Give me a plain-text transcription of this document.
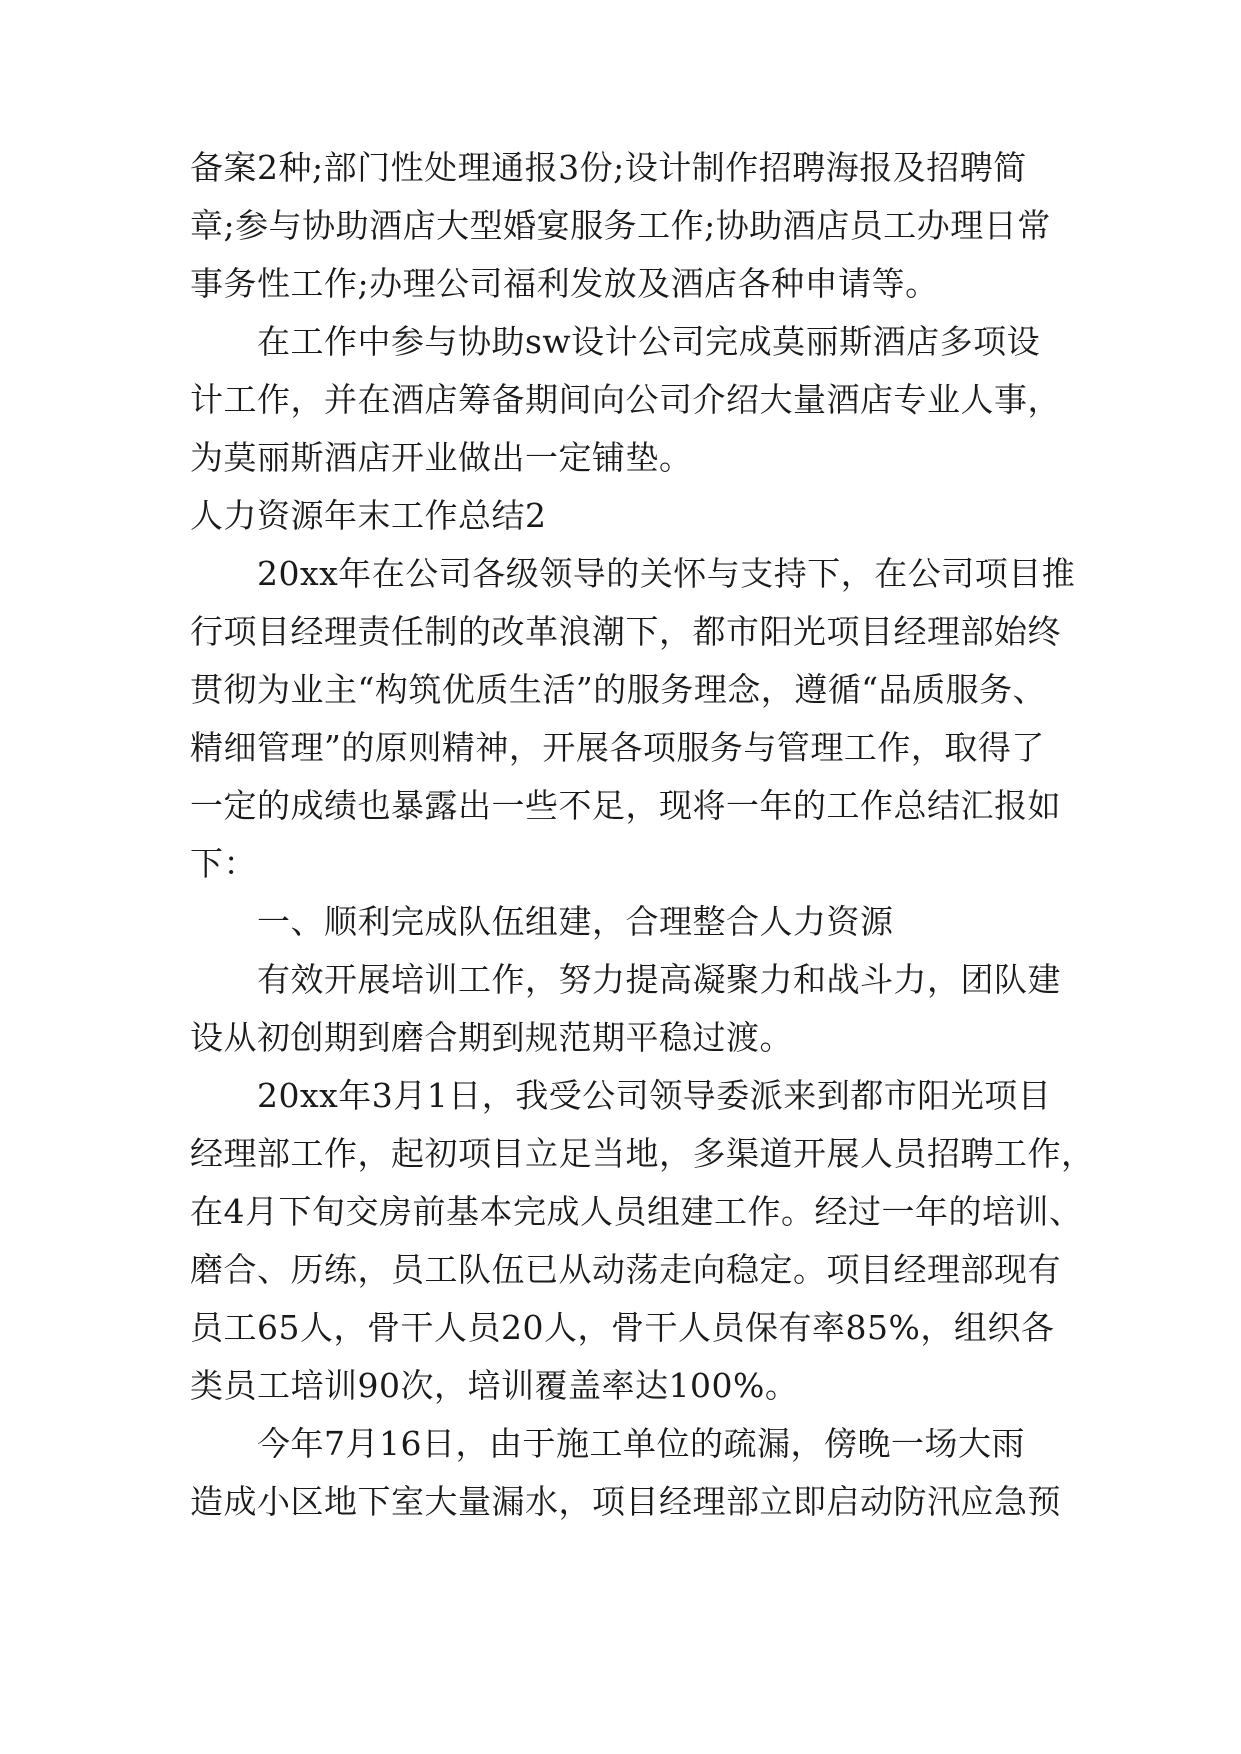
备案2种;部门性处理通报3份;设计制作招聘海报及招聘简
章;参与协助酒店大型婚宴服务工作;协助酒店员工办理日常
事务性工作;办理公司福利发放及酒店各种申请等。
在工作中参与协助sw设计公司完成莫丽斯酒店多项设
计工作，并在酒店筹备期间向公司介绍大量酒店专业人事，
为莫丽斯酒店开业做出一定铺垫。
人力资源年末工作总结2
20xx年在公司各级领导的关怀与支持下，在公司项目推
行项目经理责任制的改革浪潮下，都市阳光项目经理部始终
贯彻为业主“构筑优质生活”的服务理念，遵循“品质服务、
精细管理”的原则精神，开展各项服务与管理工作，取得了
一定的成绩也暴露出一些不足，现将一年的工作总结汇报如
下：
一、顺利完成队伍组建，合理整合人力资源
有效开展培训工作，努力提高凝聚力和战斗力，团队建
设从初创期到磨合期到规范期平稳过渡。
20xx年3月1日，我受公司领导委派来到都市阳光项目
经理部工作，起初项目立足当地，多渠道开展人员招聘工作，
在4月下旬交房前基本完成人员组建工作。经过一年的培训、
磨合、历练，员工队伍已从动荡走向稳定。项目经理部现有
员工65人，骨干人员20人，骨干人员保有率85%，组织各
类员工培训90次，培训覆盖率达100%。
今年7月16日，由于施工单位的疏漏，傍晚一场大雨
造成小区地下室大量漏水，项目经理部立即启动防汛应急预
